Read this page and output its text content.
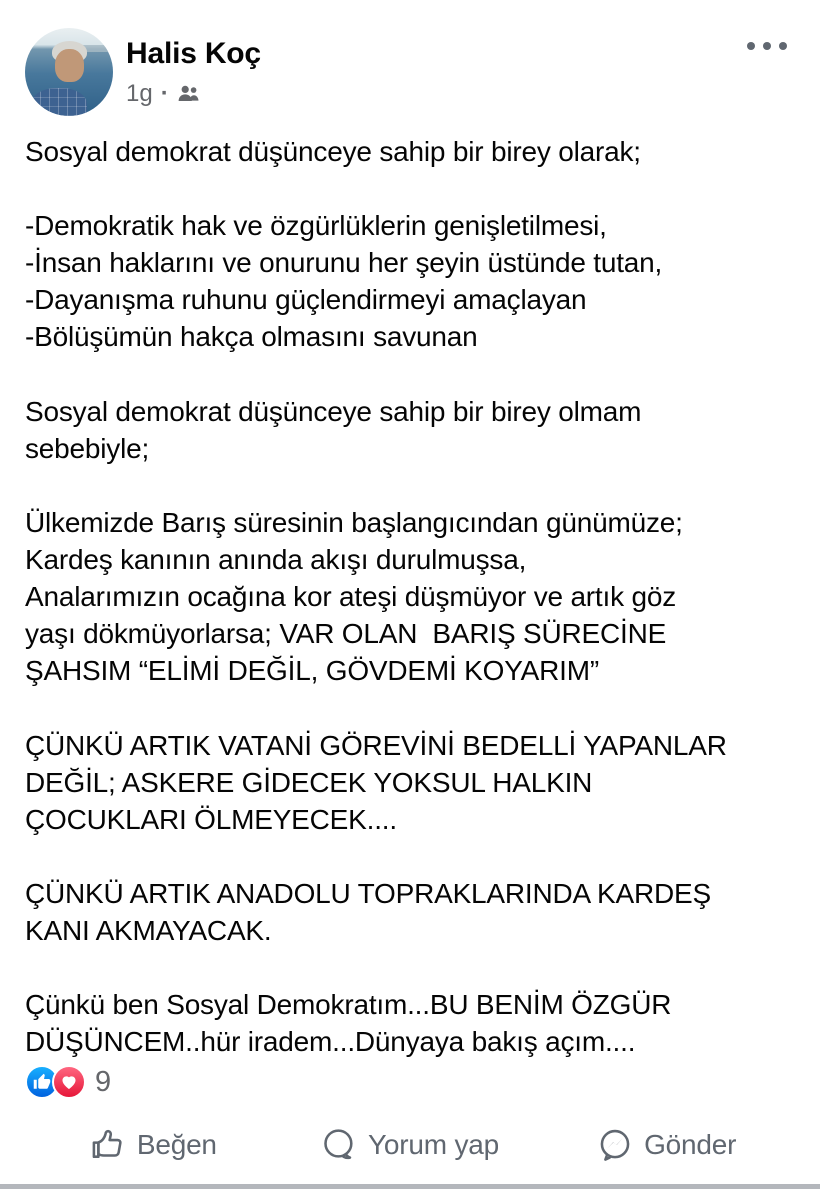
Halis Koç
1g ·
Sosyal demokrat düşünceye sahip bir birey olarak;
-Demokratik hak ve özgürlüklerin genişletilmesi,
-İnsan haklarını ve onurunu her şeyin üstünde tutan,
-Dayanışma ruhunu güçlendirmeyi amaçlayan
-Bölüşümün hakça olmasını savunan
Sosyal demokrat düşünceye sahip bir birey olmam
sebebiyle;
Ülkemizde Barış süresinin başlangıcından günümüze;
Kardeş kanının anında akışı durulmuşsa,
Analarımızın ocağına kor ateşi düşmüyor ve artık göz
yaşı dökmüyorlarsa; VAR OLAN  BARIŞ SÜRECİNE
ŞAHSIM “ELİMİ DEĞİL, GÖVDEMİ KOYARIM”
ÇÜNKÜ ARTIK VATANİ GÖREVİNİ BEDELLİ YAPANLAR
DEĞİL; ASKERE GİDECEK YOKSUL HALKIN
ÇOCUKLARI ÖLMEYECEK....
ÇÜNKÜ ARTIK ANADOLU TOPRAKLARINDA KARDEŞ
KANI AKMAYACAK.
Çünkü ben Sosyal Demokratım...BU BENİM ÖZGÜR
DÜŞÜNCEM..hür iradem...Dünyaya bakış açım....
9
Beğen	Yorum yap	Gönder
